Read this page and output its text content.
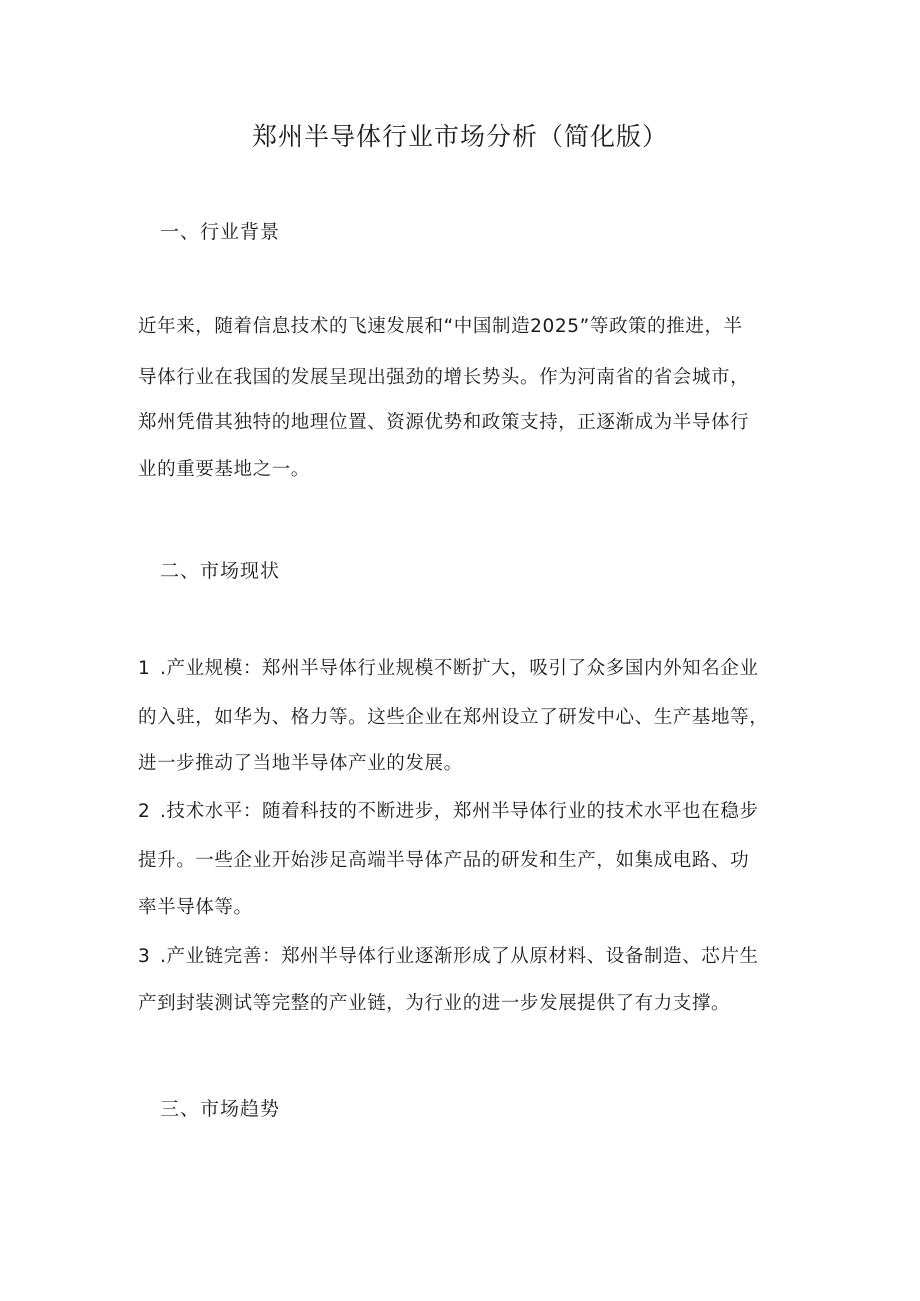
郑州半导体行业市场分析（简化版）
一、行业背景
近年来，随着信息技术的飞速发展和“中国制造2025”等政策的推进，半
导体行业在我国的发展呈现出强劲的增长势头。作为河南省的省会城市，
郑州凭借其独特的地理位置、资源优势和政策支持，正逐渐成为半导体行
业的重要基地之一。
二、市场现状
1 .产业规模：郑州半导体行业规模不断扩大，吸引了众多国内外知名企业
的入驻，如华为、格力等。这些企业在郑州设立了研发中心、生产基地等，
进一步推动了当地半导体产业的发展。
2 .技术水平：随着科技的不断进步，郑州半导体行业的技术水平也在稳步
提升。一些企业开始涉足高端半导体产品的研发和生产，如集成电路、功
率半导体等。
3 .产业链完善：郑州半导体行业逐渐形成了从原材料、设备制造、芯片生
产到封装测试等完整的产业链，为行业的进一步发展提供了有力支撑。
三、市场趋势
